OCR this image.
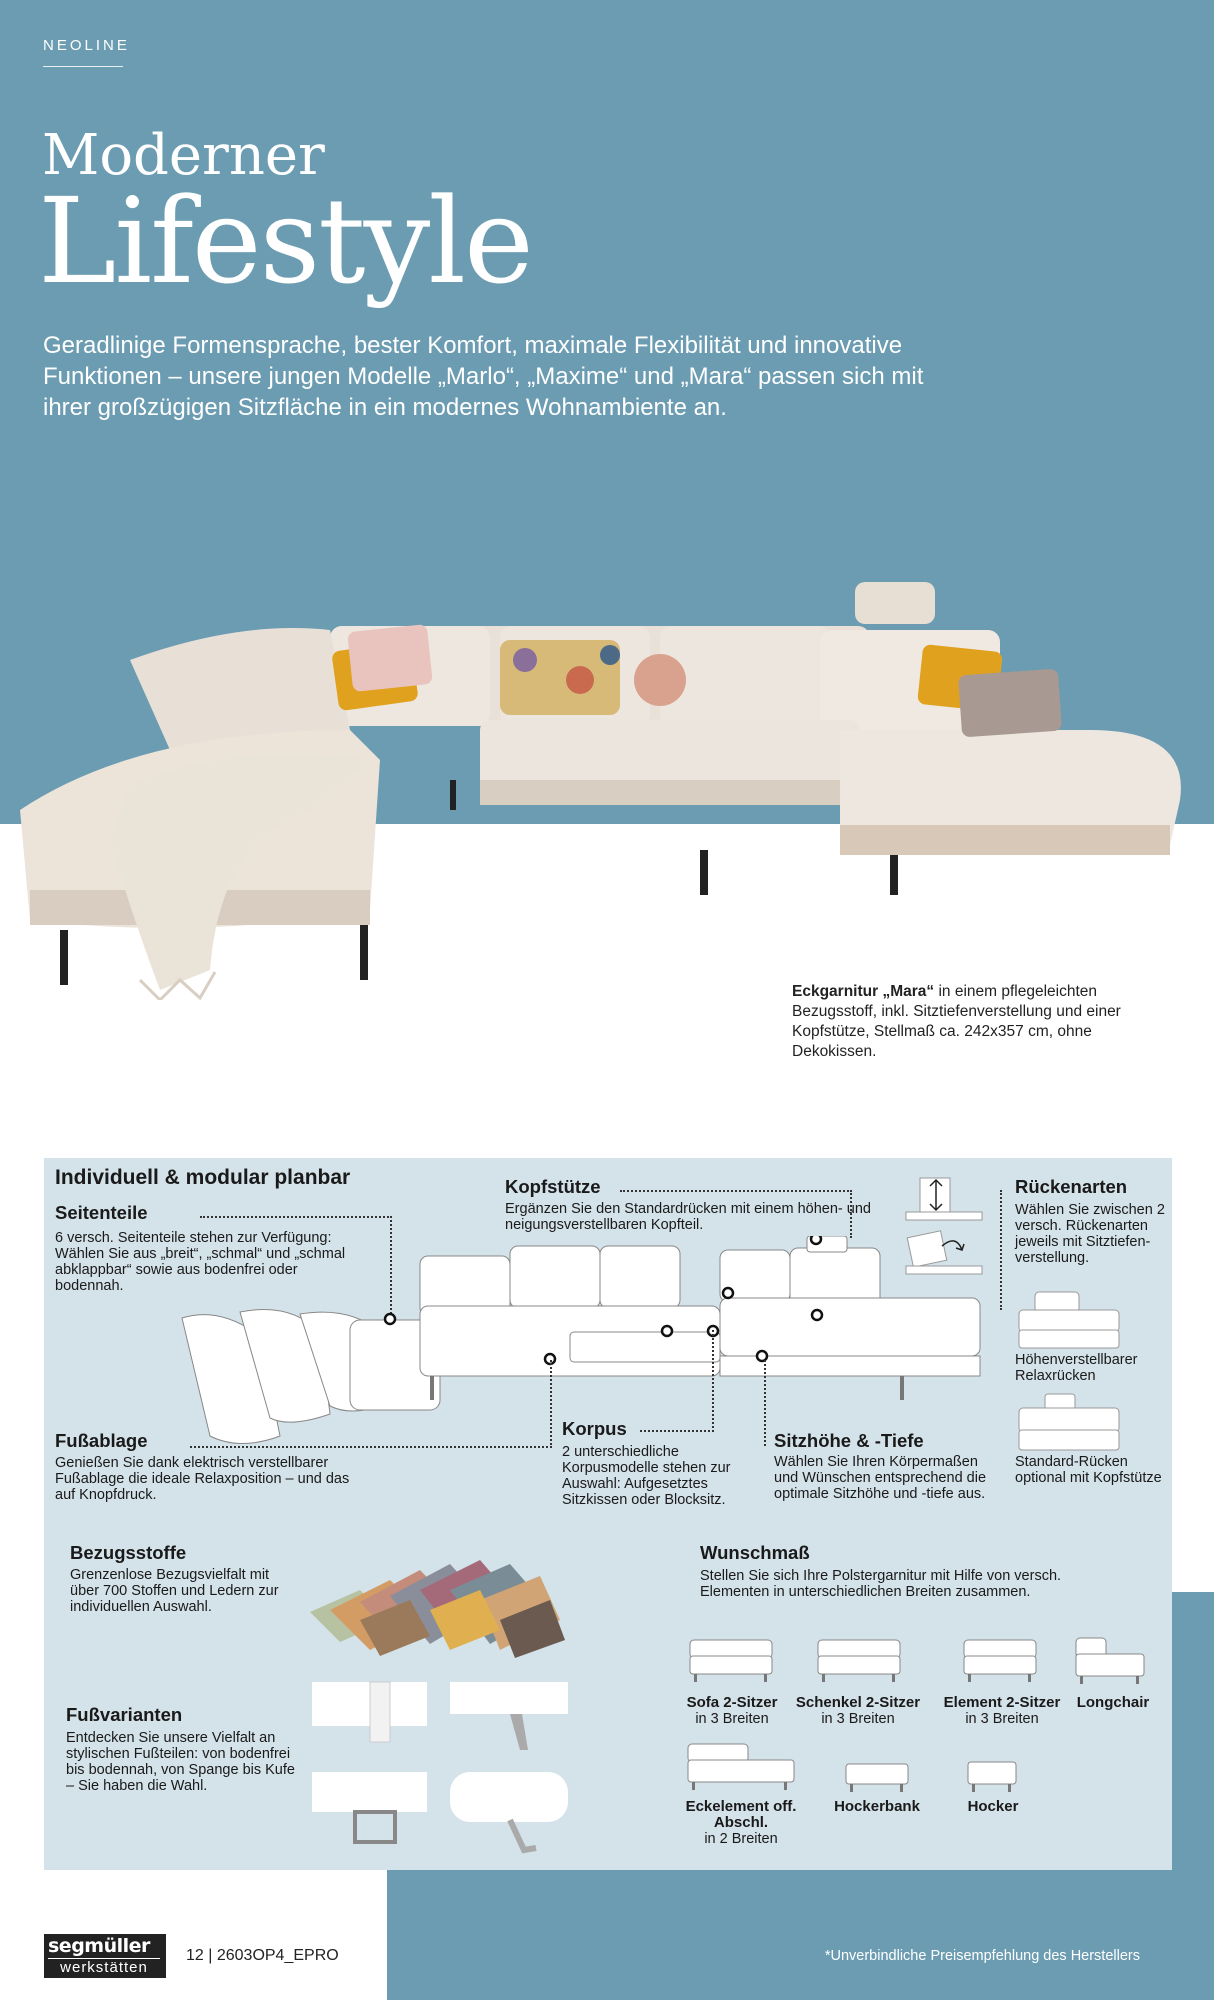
NEOLINE
Moderner
Lifestyle
Geradlinige Formensprache, bester Komfort, maximale Flexibilität und innovative Funktionen – unsere jungen Modelle „Marlo“, „Maxime“ und „Mara“ passen sich mit ihrer großzügigen Sitzfläche in ein modernes Wohnambiente an.
Eckgarnitur „Mara“ in einem pflegeleichten Bezugsstoff, inkl. Sitztiefenverstellung und einer Kopfstütze, Stellmaß ca. 242x357 cm, ohne Dekokissen.
Individuell & modular planbar
Seitenteile
6 versch. Seitenteile stehen zur Verfügung: Wählen Sie aus „breit“, „schmal“ und „schmal abklappbar“ sowie aus bodenfrei oder bodennah.
Kopfstütze
Ergänzen Sie den Standardrücken mit einem höhen- und neigungsverstellbaren Kopfteil.
Rückenarten
Wählen Sie zwischen 2 versch. Rückenarten jeweils mit Sitztiefen-verstellung.
Höhenverstellbarer Relaxrücken
Standard-Rücken optional mit Kopfstütze
Fußablage
Genießen Sie dank elektrisch verstellbarer Fußablage die ideale Relaxposition – und das auf Knopfdruck.
Korpus
2 unterschiedliche Korpusmodelle stehen zur Auswahl: Aufgesetztes Sitzkissen oder Blocksitz.
Sitzhöhe & -Tiefe
Wählen Sie Ihren Körpermaßen und Wünschen entsprechend die optimale Sitzhöhe und -tiefe aus.
Bezugsstoffe
Grenzenlose Bezugsvielfalt mit über 700 Stoffen und Ledern zur individuellen Auswahl.
Fußvarianten
Entdecken Sie unsere Vielfalt an stylischen Fußteilen: von bodenfrei bis bodennah, von Spange bis Kufe – Sie haben die Wahl.
Wunschmaß
Stellen Sie sich Ihre Polstergarnitur mit Hilfe von versch. Elementen in unterschiedlichen Breiten zusammen.
Sofa 2-Sitzer
in 3 Breiten
Schenkel 2-Sitzer
in 3 Breiten
Element 2-Sitzer
in 3 Breiten
Longchair
Eckelement off. Abschl.
in 2 Breiten
Hockerbank	Hocker
segmüller
werkstätten
12 | 2603OP4_EPRO	*Unverbindliche Preisempfehlung des Herstellers
